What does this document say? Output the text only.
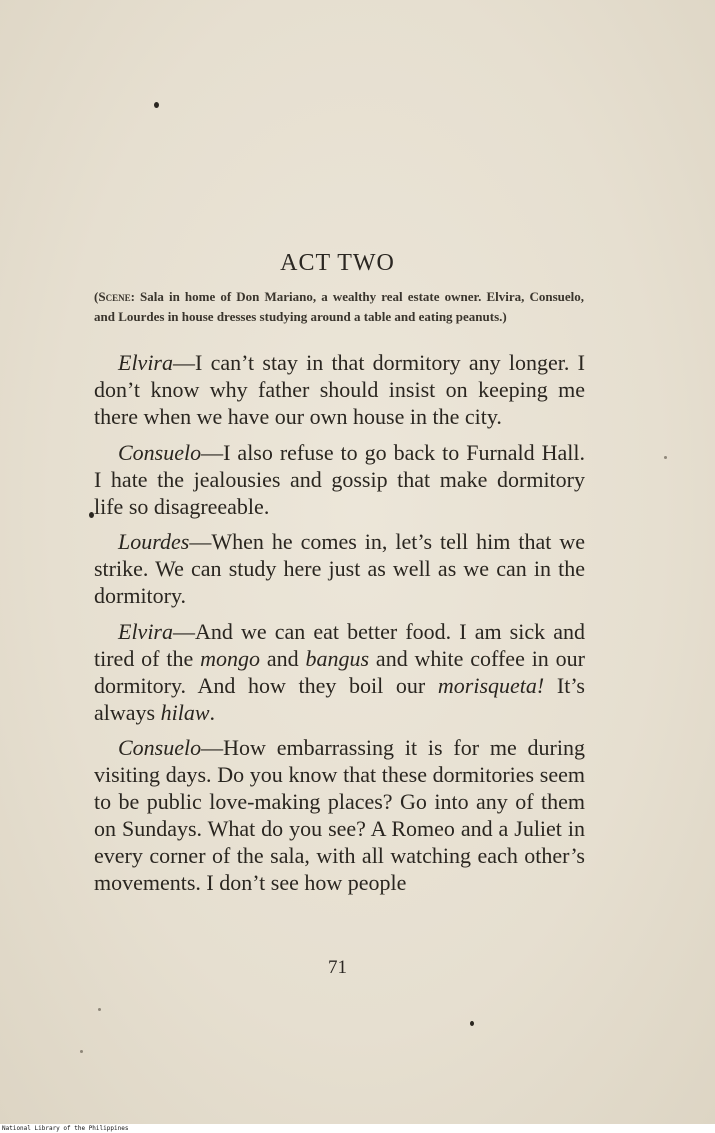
ACT TWO
(Scene: Sala in home of Don Mariano, a wealthy real estate owner. Elvira, Consuelo, and Lourdes in house dresses studying around a table and eating peanuts.)

Elvira—I can’t stay in that dormitory any longer. I don’t know why father should insist on keeping me there when we have our own house in the city.

Consuelo—I also refuse to go back to Furnald Hall. I hate the jealousies and gossip that make dormitory life so disagreeable.

Lourdes—When he comes in, let’s tell him that we strike. We can study here just as well as we can in the dormitory.

Elvira—And we can eat better food. I am sick and tired of the mongo and bangus and white coffee in our dormitory. And how they boil our morisqueta! It’s always hilaw.

Consuelo—How embarrassing it is for me during visiting days. Do you know that these dormitories seem to be public love-making places? Go into any of them on Sundays. What do you see? A Romeo and a Juliet in every corner of the sala, with all watching each other’s movements. I don’t see how people

71
National Library of the Philippines
